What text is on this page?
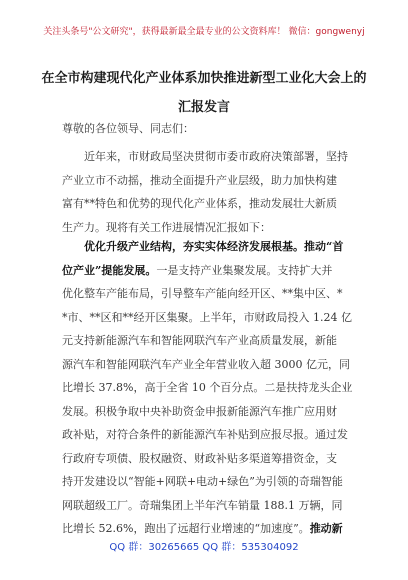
关注头条号"公文研究"，获得最新最全最专业的公文资料库！ 微信：gongwenyj
在全市构建现代化产业体系加快推进新型工业化大会上的
汇报发言
尊敬的各位领导、同志们：
近年来，市财政局坚决贯彻市委市政府决策部署，坚持
产业立市不动摇，推动全面提升产业层级，助力加快构建
富有**特色和优势的现代化产业体系，推动发展壮大新质
生产力。现将有关工作进展情况汇报如下：
优化升级产业结构，夯实实体经济发展根基。推动“首
位产业”提能发展。一是支持产业集聚发展。支持扩大并
优化整车产能布局，引导整车产能向经开区、**集中区、*
*市、**区和**经开区集聚。上半年，市财政局投入 1.24 亿
元支持新能源汽车和智能网联汽车产业高质量发展，新能
源汽车和智能网联汽车产业全年营业收入超 3000 亿元，同
比增长 37.8%，高于全省 10 个百分点。二是扶持龙头企业
发展。积极争取中央补助资金申报新能源汽车推广应用财
政补贴，对符合条件的新能源汽车补贴到应报尽报。通过发
行政府专项债、股权融资、财政补贴多渠道筹措资金，支
持开发建设以“智能+网联+电动+绿色”为引领的奇瑞智能
网联超级工厂。奇瑞集团上半年汽车销量 188.1 万辆，同
比增长 52.6%，跑出了远超行业增速的“加速度”。推动新
QQ 群：30265665 QQ 群：535304092
